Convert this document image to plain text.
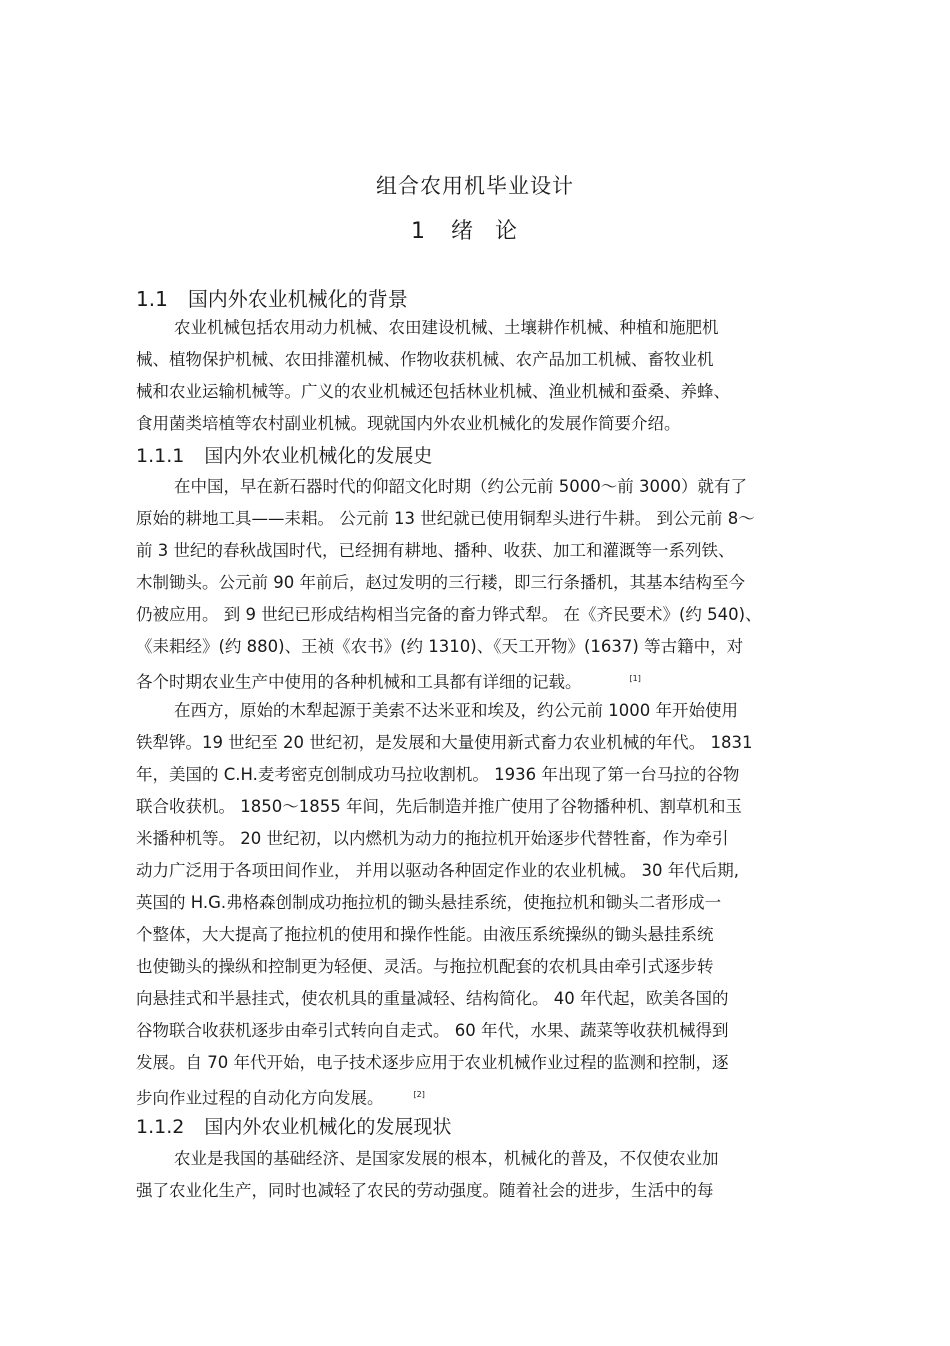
组合农用机毕业设计
1 绪论
1.1 国内外农业机械化的背景
农业机械包括农用动力机械、农田建设机械、土壤耕作机械、种植和施肥机
械、植物保护机械、农田排灌机械、作物收获机械、农产品加工机械、畜牧业机
械和农业运输机械等。广义的农业机械还包括林业机械、渔业机械和蚕桑、养蜂、
食用菌类培植等农村副业机械。现就国内外农业机械化的发展作简要介绍。
1.1.1 国内外农业机械化的发展史
在中国，早在新石器时代的仰韶文化时期（约公元前 5000～前 3000）就有了
原始的耕地工具——耒耜。 公元前 13 世纪就已使用铜犁头进行牛耕。 到公元前 8～
前 3 世纪的春秋战国时代，已经拥有耕地、播种、收获、加工和灌溉等一系列铁、
木制锄头。公元前 90 年前后，赵过发明的三行耧，即三行条播机，其基本结构至今
仍被应用。 到 9 世纪已形成结构相当完备的畜力铧式犁。 在《齐民要术》(约 540)、
《耒耜经》(约 880)、王祯《农书》(约 1310)、《天工开物》(1637) 等古籍中，对
各个时期农业生产中使用的各种机械和工具都有详细的记载。	[1]
在西方，原始的木犁起源于美索不达米亚和埃及，约公元前 1000 年开始使用
铁犁铧。19 世纪至 20 世纪初，是发展和大量使用新式畜力农业机械的年代。 1831
年，美国的 C.H.麦考密克创制成功马拉收割机。 1936 年出现了第一台马拉的谷物
联合收获机。 1850～1855 年间，先后制造并推广使用了谷物播种机、割草机和玉
米播种机等。 20 世纪初，以内燃机为动力的拖拉机开始逐步代替牲畜，作为牵引
动力广泛用于各项田间作业， 并用以驱动各种固定作业的农业机械。 30 年代后期,
英国的 H.G.弗格森创制成功拖拉机的锄头悬挂系统，使拖拉机和锄头二者形成一
个整体，大大提高了拖拉机的使用和操作性能。由液压系统操纵的锄头悬挂系统
也使锄头的操纵和控制更为轻便、灵活。与拖拉机配套的农机具由牵引式逐步转
向悬挂式和半悬挂式，使农机具的重量减轻、结构简化。 40 年代起，欧美各国的
谷物联合收获机逐步由牵引式转向自走式。 60 年代，水果、蔬菜等收获机械得到
发展。自 70 年代开始，电子技术逐步应用于农业机械作业过程的监测和控制，逐
步向作业过程的自动化方向发展。	[2]
1.1.2 国内外农业机械化的发展现状
农业是我国的基础经济、是国家发展的根本，机械化的普及，不仅使农业加
强了农业化生产，同时也减轻了农民的劳动强度。随着社会的进步，生活中的每
